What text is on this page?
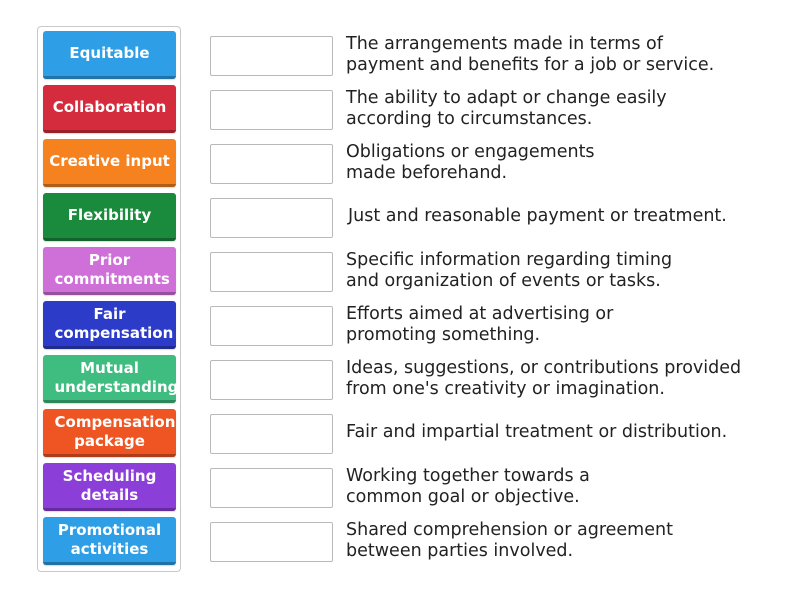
Equitable
Collaboration
Creative input
Flexibility
Prior commitments
Fair compensation
Mutual understanding
Compensation package
Scheduling details
Promotional activities
The arrangements made in terms of payment and benefits for a job or service.
The ability to adapt or change easily according to circumstances.
Obligations or engagements made beforehand.
Just and reasonable payment or treatment.
Specific information regarding timing and organization of events or tasks.
Efforts aimed at advertising or promoting something.
Ideas, suggestions, or contributions provided from one's creativity or imagination.
Fair and impartial treatment or distribution.
Working together towards a common goal or objective.
Shared comprehension or agreement between parties involved.
